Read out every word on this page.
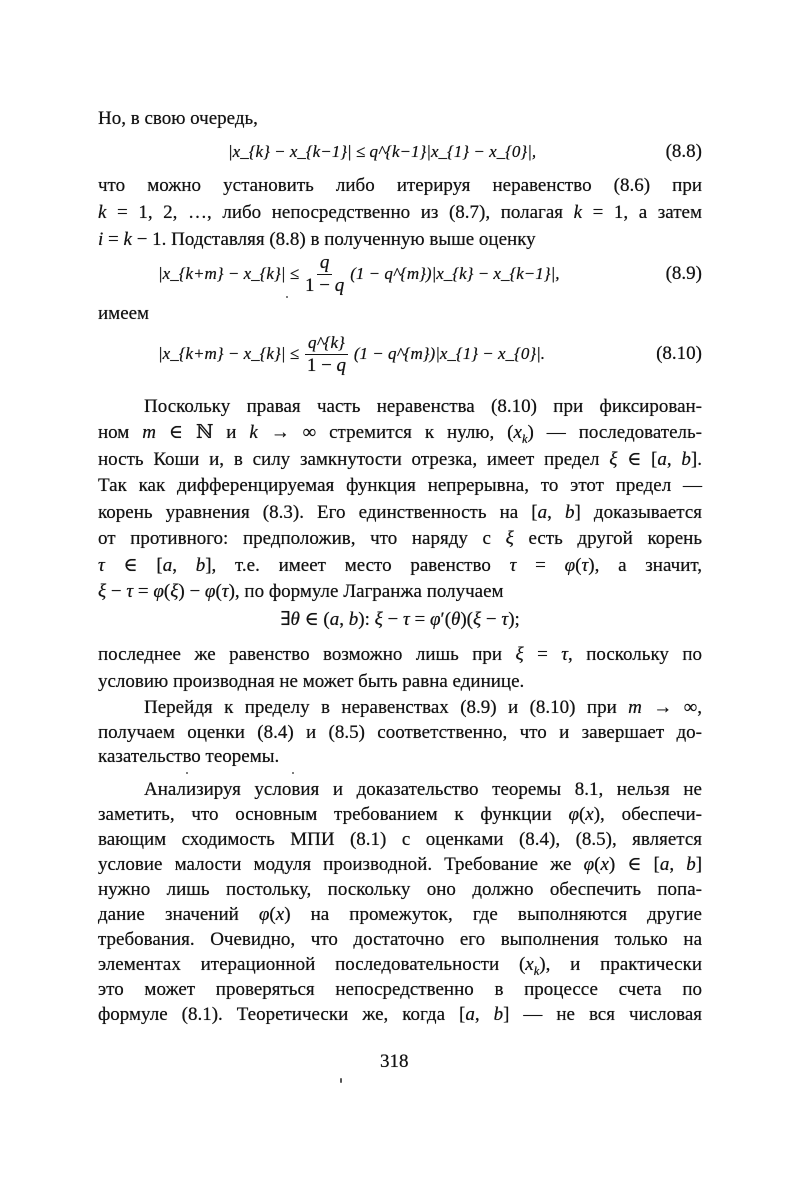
Но, в свою очередь,
|x_{k} − x_{k−1}| ≤ q^{k−1}|x_{1} − x_{0}|,	(8.8)
что можно установить либо итерируя неравенство (8.6) при
k = 1, 2, …, либо непосредственно из (8.7), полагая k = 1, а затем
i = k − 1. Подставляя (8.8) в полученную выше оценку
|x_{k+m} − x_{k}| ≤ $\frac{q}{1 - q} (1$ − q^{m})|x_{k} − x_{k−1}|,	(8.9)
имеем
|x_{k+m} − x_{k}| ≤ $\frac{q\^{}\{k\}}{1 - q} (1$ − q^{m})|x_{1} − x_{0}|.	(8.10)
Поскольку правая часть неравенства (8.10) при фиксирован-
ном m ∈ ℕ и k → ∞ стремится к нулю, $(x_k)$ — последователь-
ность Коши и, в силу замкнутости отрезка, имеет предел ξ ∈ [a, b].
Так как дифференцируемая функция непрерывна, то этот предел —
корень уравнения (8.3). Его единственность на [a, b] доказывается
от противного: предположив, что наряду с ξ есть другой корень
τ ∈ [a, b], т.е. имеет место равенство τ = φ(τ), а значит,
ξ − τ = φ(ξ) − φ(τ), по формуле Лагранжа получаем
∃θ ∈ (a, b): ξ − τ = φ′(θ)(ξ − τ);
последнее же равенство возможно лишь при ξ = τ, поскольку по
условию производная не может быть равна единице.
Перейдя к пределу в неравенствах (8.9) и (8.10) при m → ∞,
получаем оценки (8.4) и (8.5) соответственно, что и завершает до-
казательство теоремы.
Анализируя условия и доказательство теоремы 8.1, нельзя не
заметить, что основным требованием к функции φ(x), обеспечи-
вающим сходимость МПИ (8.1) с оценками (8.4), (8.5), является
условие малости модуля производной. Требование же φ(x) ∈ [a, b]
нужно лишь постольку, поскольку оно должно обеспечить попа-
дание значений φ(x) на промежуток, где выполняются другие
требования. Очевидно, что достаточно его выполнения только на
элементах итерационной последовательности $(x_k)$, и практически
это может проверяться непосредственно в процессе счета по
формуле (8.1). Теоретически же, когда [a, b] — не вся числовая
318
